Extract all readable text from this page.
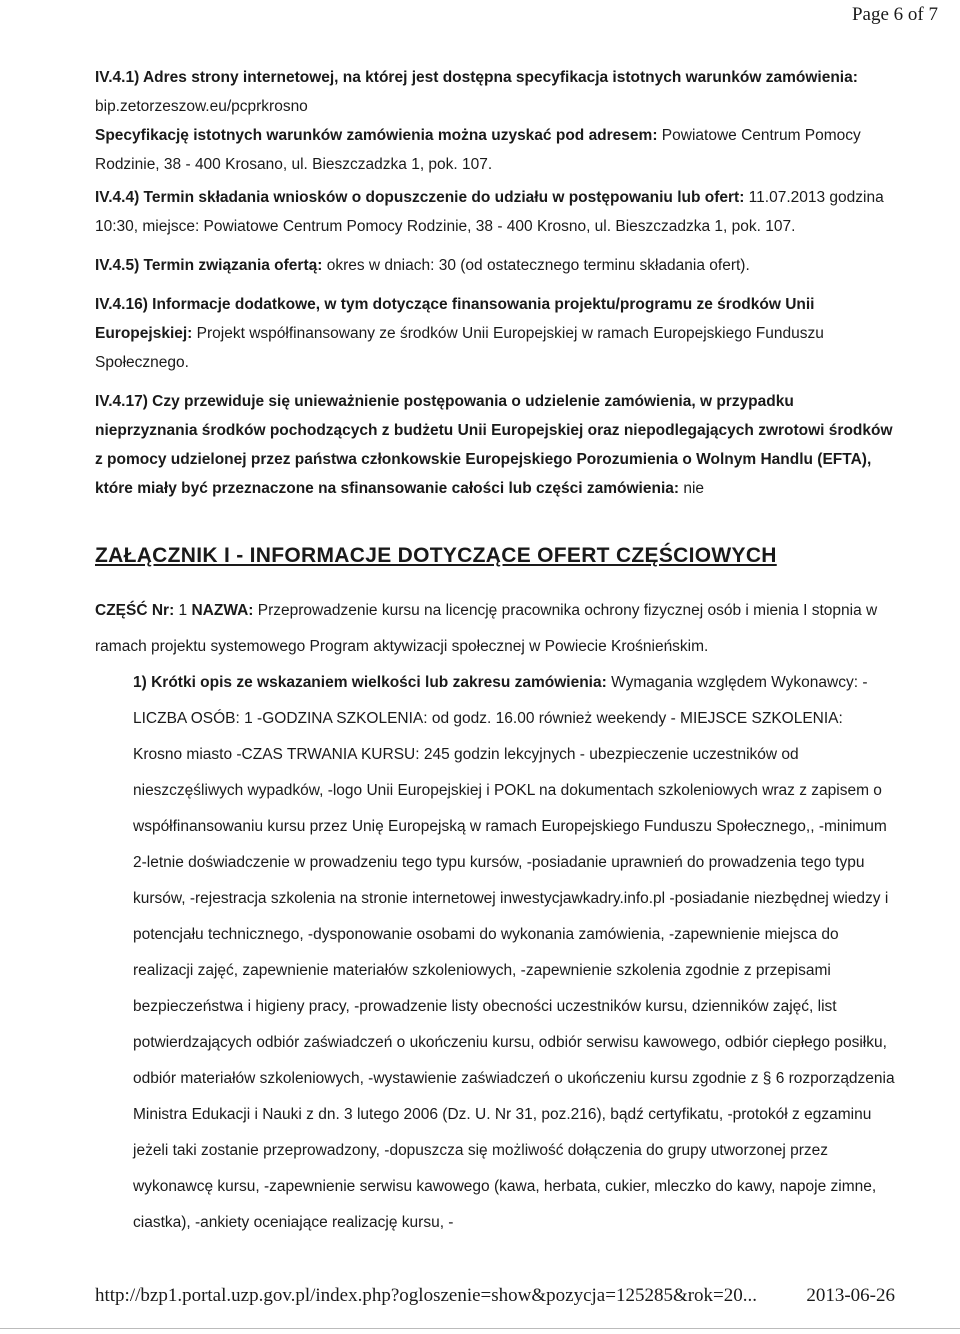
Page 6 of 7

IV.4.1) Adres strony internetowej, na której jest dostępna specyfikacja istotnych warunków zamówienia: bip.zetorzeszow.eu/pcprkrosno

Specyfikację istotnych warunków zamówienia można uzyskać pod adresem: Powiatowe Centrum Pomocy Rodzinie, 38 - 400 Krosano, ul. Bieszczadzka 1, pok. 107.

IV.4.4) Termin składania wniosków o dopuszczenie do udziału w postępowaniu lub ofert: 11.07.2013 godzina 10:30, miejsce: Powiatowe Centrum Pomocy Rodzinie, 38 - 400 Krosno, ul. Bieszczadzka 1, pok. 107.

IV.4.5) Termin związania ofertą: okres w dniach: 30 (od ostatecznego terminu składania ofert).

IV.4.16) Informacje dodatkowe, w tym dotyczące finansowania projektu/programu ze środków Unii Europejskiej: Projekt współfinansowany ze środków Unii Europejskiej w ramach Europejskiego Funduszu Społecznego.

IV.4.17) Czy przewiduje się unieważnienie postępowania o udzielenie zamówienia, w przypadku nieprzyznania środków pochodzących z budżetu Unii Europejskiej oraz niepodlegających zwrotowi środków z pomocy udzielonej przez państwa członkowskie Europejskiego Porozumienia o Wolnym Handlu (EFTA), które miały być przeznaczone na sfinansowanie całości lub części zamówienia: nie

ZAŁĄCZNIK I - INFORMACJE DOTYCZĄCE OFERT CZĘŚCIOWYCH

CZĘŚĆ Nr: 1 NAZWA: Przeprowadzenie kursu na licencję pracownika ochrony fizycznej osób i mienia I stopnia w ramach projektu systemowego Program aktywizacji społecznej w Powiecie Krośnieńskim.

1) Krótki opis ze wskazaniem wielkości lub zakresu zamówienia: Wymagania względem Wykonawcy: -LICZBA OSÓB: 1 -GODZINA SZKOLENIA: od godz. 16.00 również weekendy - MIEJSCE SZKOLENIA: Krosno miasto -CZAS TRWANIA KURSU: 245 godzin lekcyjnych - ubezpieczenie uczestników od nieszczęśliwych wypadków, -logo Unii Europejskiej i POKL na dokumentach szkoleniowych wraz z zapisem o współfinansowaniu kursu przez Unię Europejską w ramach Europejskiego Funduszu Społecznego,, -minimum 2-letnie doświadczenie w prowadzeniu tego typu kursów, -posiadanie uprawnień do prowadzenia tego typu kursów, -rejestracja szkolenia na stronie internetowej inwestycjawkadry.info.pl -posiadanie niezbędnej wiedzy i potencjału technicznego, -dysponowanie osobami do wykonania zamówienia, -zapewnienie miejsca do realizacji zajęć, zapewnienie materiałów szkoleniowych, -zapewnienie szkolenia zgodnie z przepisami bezpieczeństwa i higieny pracy, -prowadzenie listy obecności uczestników kursu, dzienników zajęć, list potwierdzających odbiór zaświadczeń o ukończeniu kursu, odbiór serwisu kawowego, odbiór ciepłego posiłku, odbiór materiałów szkoleniowych, -wystawienie zaświadczeń o ukończeniu kursu zgodnie z § 6 rozporządzenia Ministra Edukacji i Nauki z dn. 3 lutego 2006 (Dz. U. Nr 31, poz.216), bądź certyfikatu, -protokół z egzaminu jeżeli taki zostanie przeprowadzony, -dopuszcza się możliwość dołączenia do grupy utworzonej przez wykonawcę kursu, -zapewnienie serwisu kawowego (kawa, herbata, cukier, mleczko do kawy, napoje zimne, ciastka), -ankiety oceniające realizację kursu, -

http://bzp1.portal.uzp.gov.pl/index.php?ogloszenie=show&pozycja=125285&rok=20...	2013-06-26
